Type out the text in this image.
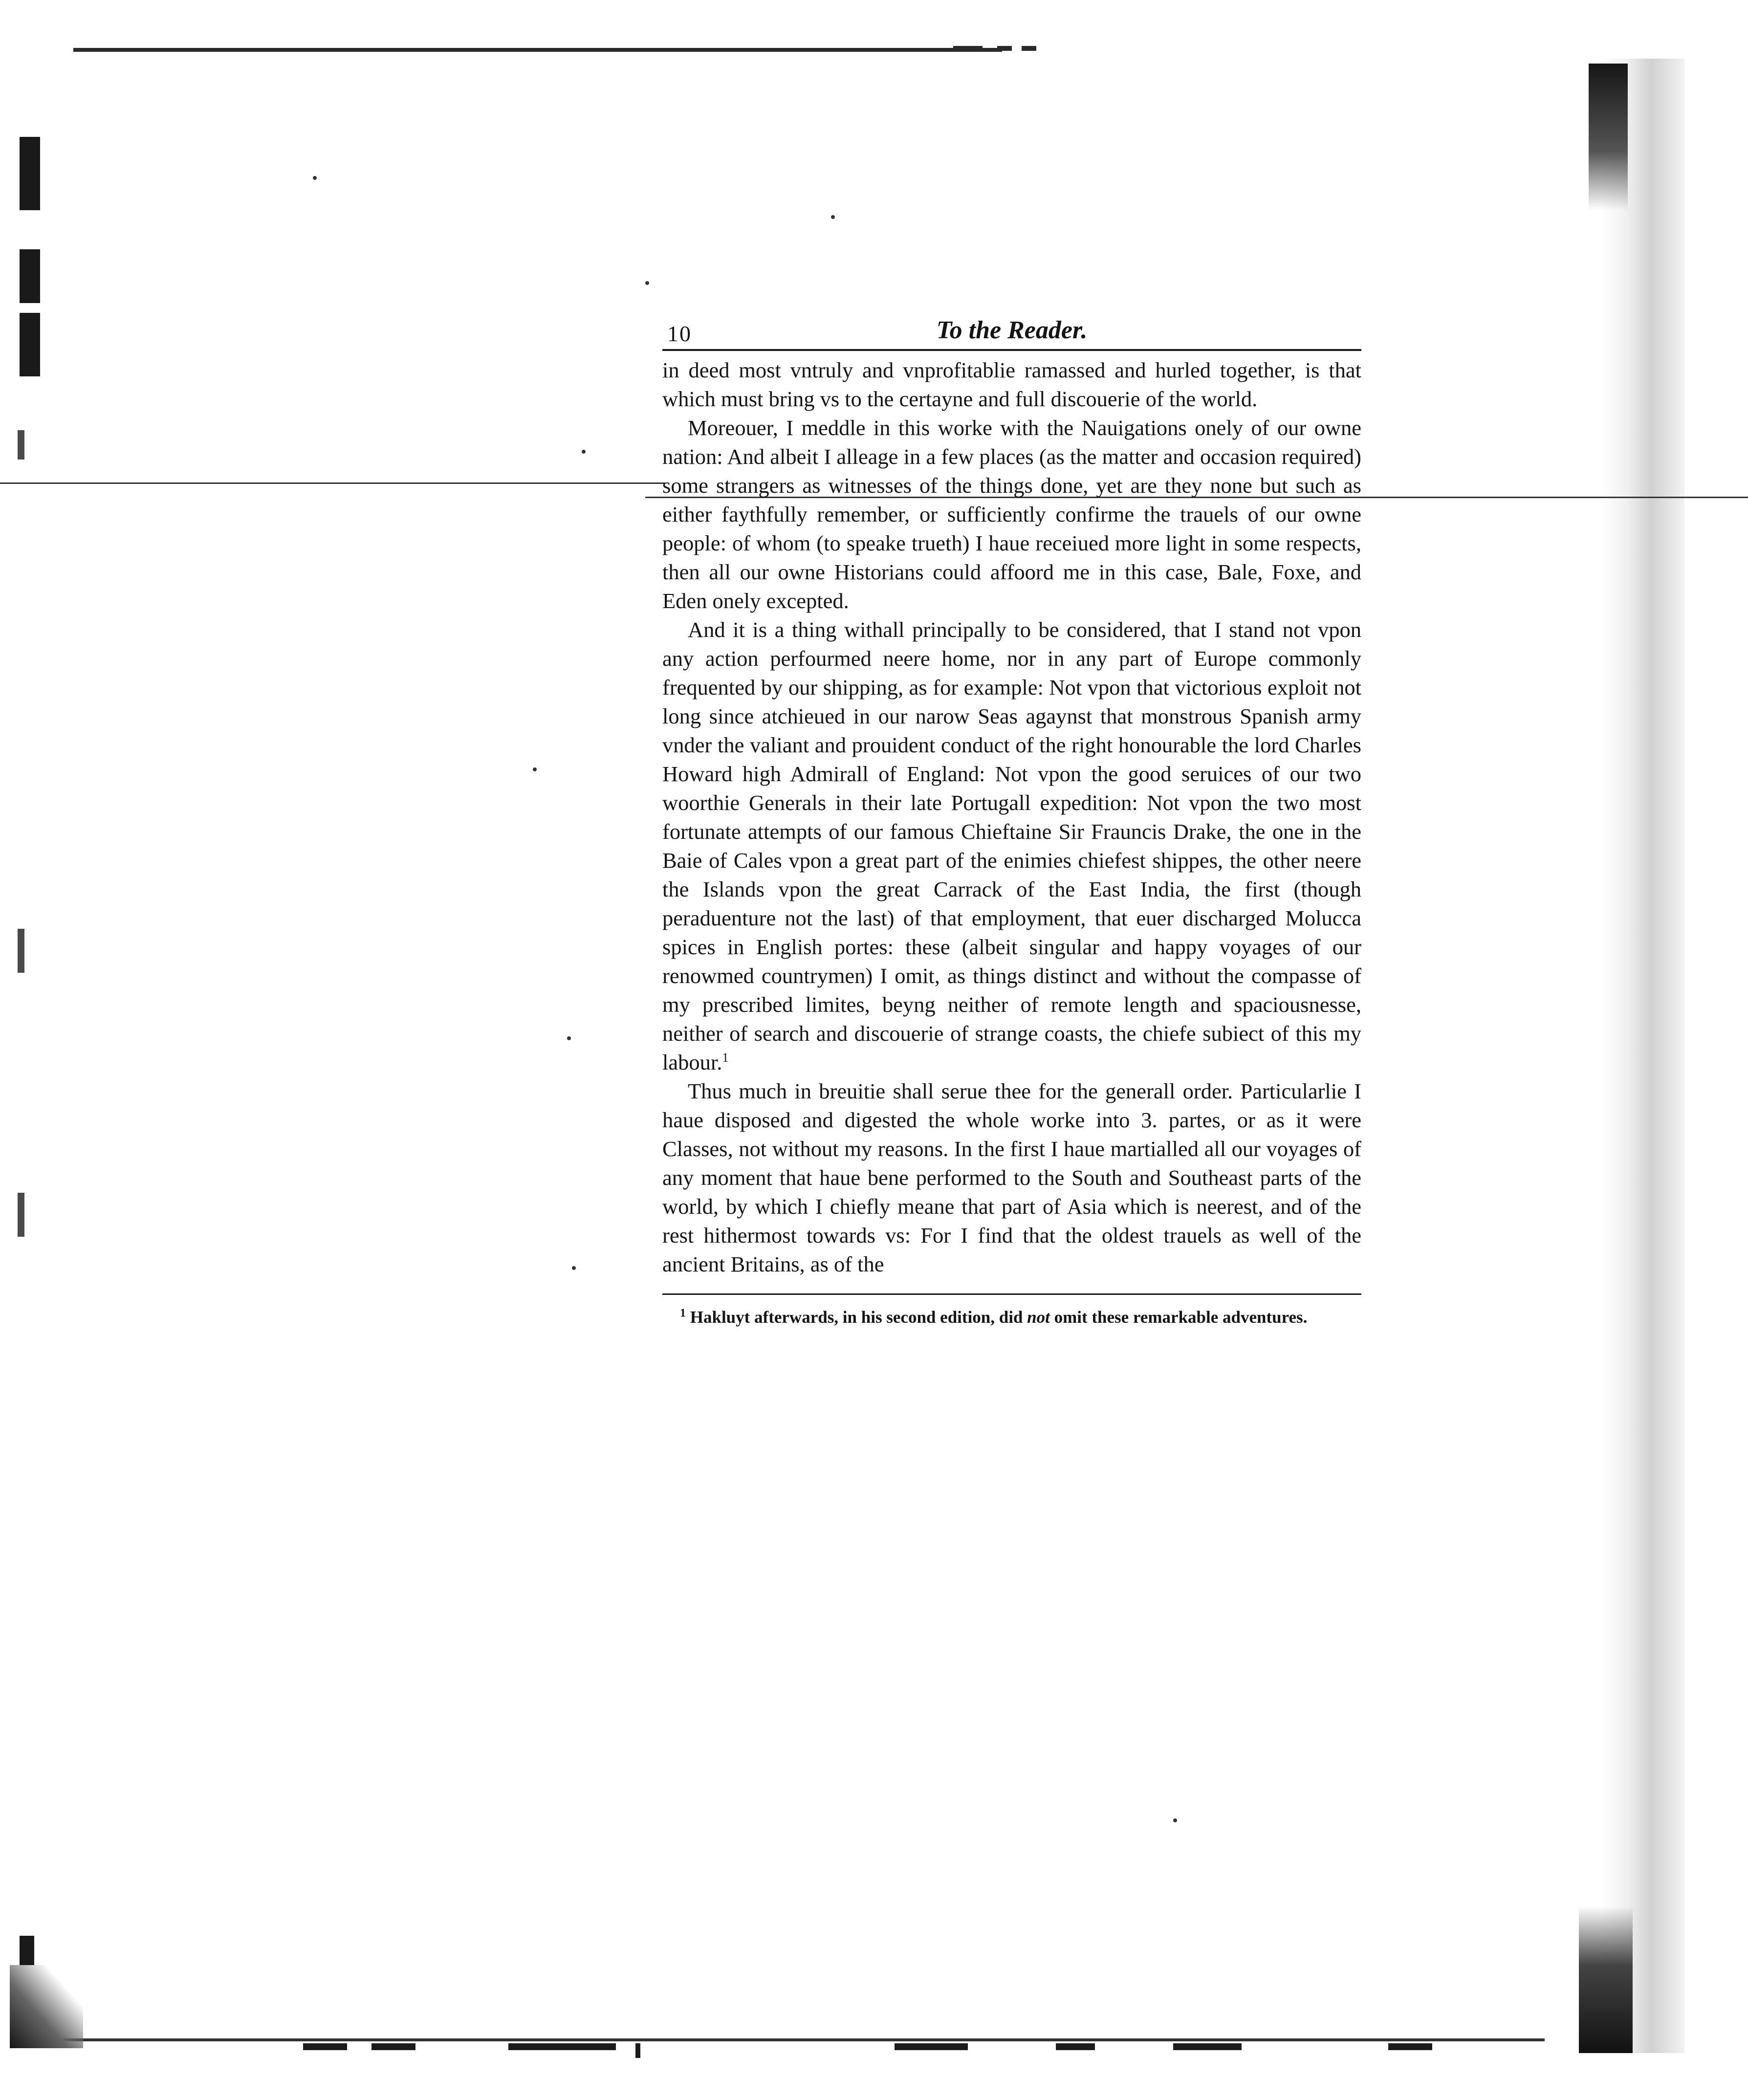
10	To the Reader.

in deed most vntruly and vnprofitablie ramassed and hurled together, is that which must bring vs to the certayne and full discouerie of the world.

Moreouer, I meddle in this worke with the Nauigations onely of our owne nation: And albeit I alleage in a few places (as the matter and occasion required) some strangers as witnesses of the things done, yet are they none but such as either faythfully remember, or sufficiently confirme the trauels of our owne people: of whom (to speake trueth) I haue receiued more light in some respects, then all our owne Historians could affoord me in this case, Bale, Foxe, and Eden onely excepted.

And it is a thing withall principally to be considered, that I stand not vpon any action perfourmed neere home, nor in any part of Europe commonly frequented by our shipping, as for example: Not vpon that victorious exploit not long since atchieued in our narow Seas agaynst that monstrous Spanish army vnder the valiant and prouident conduct of the right honourable the lord Charles Howard high Admirall of England: Not vpon the good seruices of our two woorthie Generals in their late Portugall expedition: Not vpon the two most fortunate attempts of our famous Chieftaine Sir Frauncis Drake, the one in the Baie of Cales vpon a great part of the enimies chiefest shippes, the other neere the Islands vpon the great Carrack of the East India, the first (though peraduenture not the last) of that employment, that euer discharged Molucca spices in English portes: these (albeit singular and happy voyages of our renowmed countrymen) I omit, as things distinct and without the compasse of my prescribed limites, beyng neither of remote length and spaciousnesse, neither of search and discouerie of strange coasts, the chiefe subiect of this my labour.$^1$

Thus much in breuitie shall serue thee for the generall order. Particularlie I haue disposed and digested the whole worke into 3. partes, or as it were Classes, not without my reasons. In the first I haue martialled all our voyages of any moment that haue bene performed to the South and Southeast parts of the world, by which I chiefly meane that part of Asia which is neerest, and of the rest hithermost towards vs: For I find that the oldest trauels as well of the ancient Britains, as of the

$^1$ Hakluyt afterwards, in his second edition, did not omit these remarkable adventures.
